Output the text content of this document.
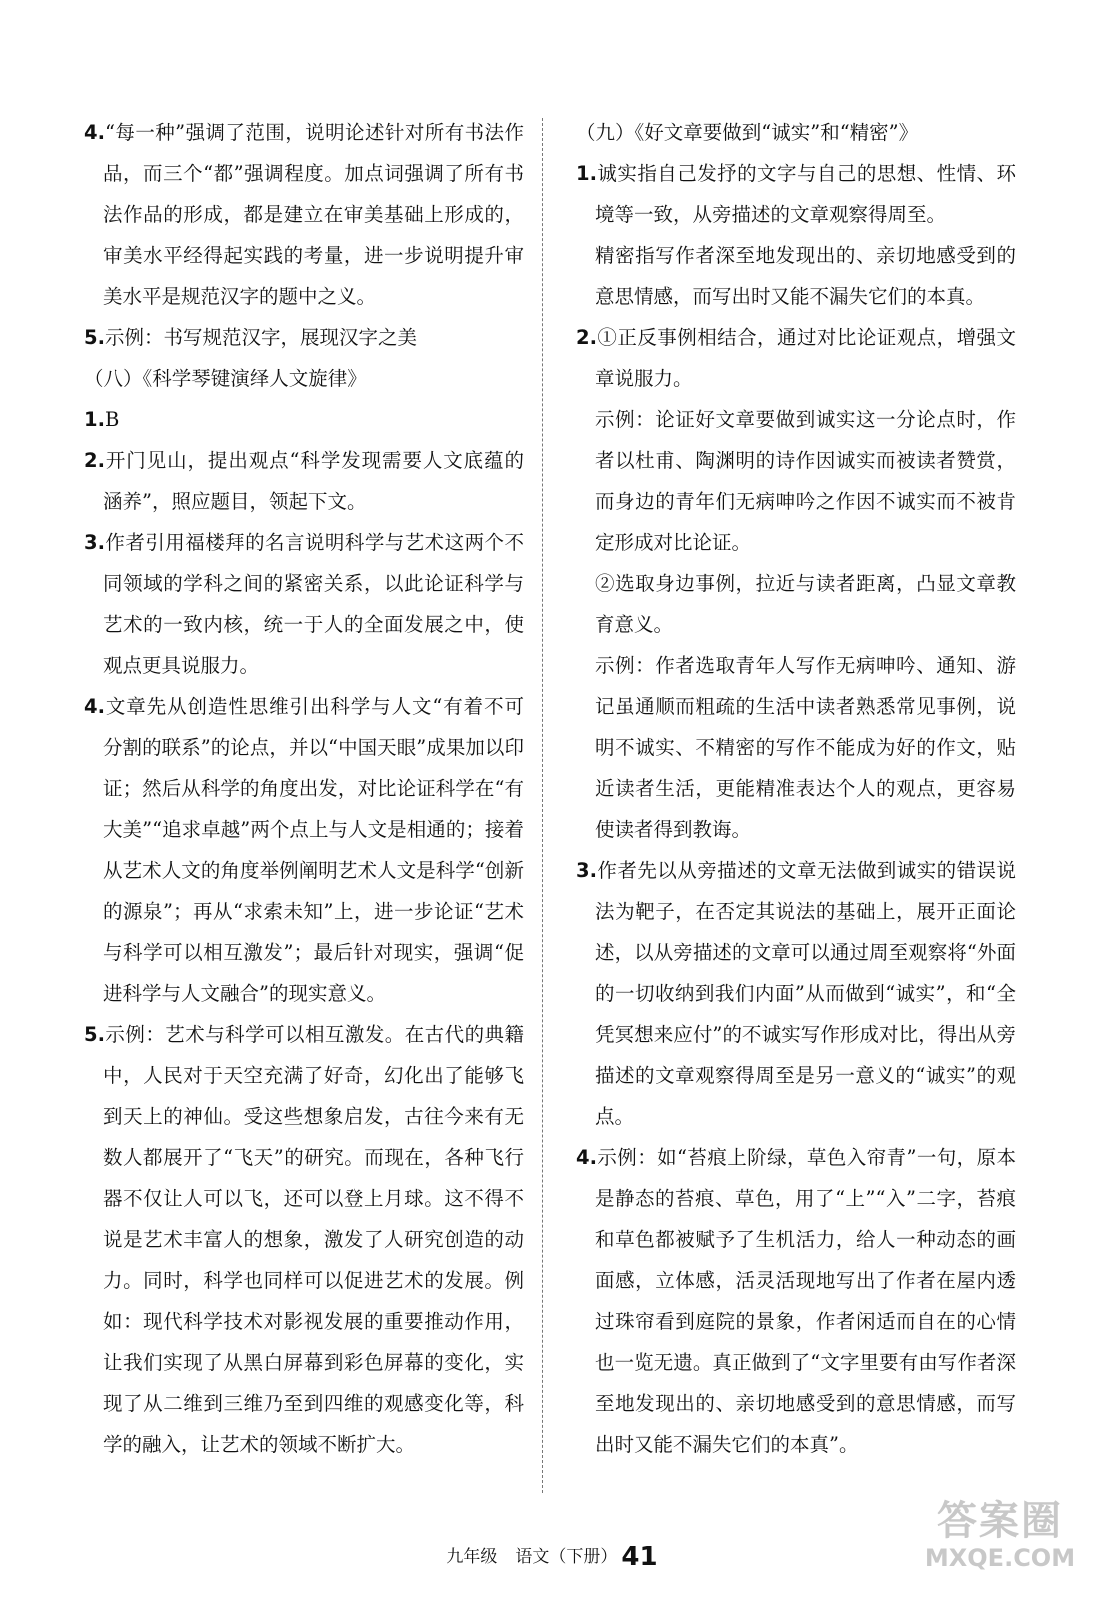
4.“每一种”强调了范围，说明论述针对所有书法作品，而三个“都”强调程度。加点词强调了所有书法作品的形成，都是建立在审美基础上形成的，审美水平经得起实践的考量，进一步说明提升审美水平是规范汉字的题中之义。

5.示例：书写规范汉字，展现汉字之美

（八）《科学琴键演绎人文旋律》

1.B

2.开门见山，提出观点“科学发现需要人文底蕴的涵养”，照应题目，领起下文。

3.作者引用福楼拜的名言说明科学与艺术这两个不同领域的学科之间的紧密关系，以此论证科学与艺术的一致内核，统一于人的全面发展之中，使观点更具说服力。

4.文章先从创造性思维引出科学与人文“有着不可分割的联系”的论点，并以“中国天眼”成果加以印证；然后从科学的角度出发，对比论证科学在“有大美”“追求卓越”两个点上与人文是相通的；接着从艺术人文的角度举例阐明艺术人文是科学“创新的源泉”；再从“求索未知”上，进一步论证“艺术与科学可以相互激发”；最后针对现实，强调“促进科学与人文融合”的现实意义。

5.示例：艺术与科学可以相互激发。在古代的典籍中，人民对于天空充满了好奇，幻化出了能够飞到天上的神仙。受这些想象启发，古往今来有无数人都展开了“飞天”的研究。而现在，各种飞行器不仅让人可以飞，还可以登上月球。这不得不说是艺术丰富人的想象，激发了人研究创造的动力。同时，科学也同样可以促进艺术的发展。例如：现代科学技术对影视发展的重要推动作用，让我们实现了从黑白屏幕到彩色屏幕的变化，实现了从二维到三维乃至到四维的观感变化等，科学的融入，让艺术的领域不断扩大。

（九）《好文章要做到“诚实”和“精密”》

1.诚实指自己发抒的文字与自己的思想、性情、环境等一致，从旁描述的文章观察得周至。

精密指写作者深至地发现出的、亲切地感受到的意思情感，而写出时又能不漏失它们的本真。

2.①正反事例相结合，通过对比论证观点，增强文章说服力。

示例：论证好文章要做到诚实这一分论点时，作者以杜甫、陶渊明的诗作因诚实而被读者赞赏，而身边的青年们无病呻吟之作因不诚实而不被肯定形成对比论证。

②选取身边事例，拉近与读者距离，凸显文章教育意义。

示例：作者选取青年人写作无病呻吟、通知、游记虽通顺而粗疏的生活中读者熟悉常见事例，说明不诚实、不精密的写作不能成为好的作文，贴近读者生活，更能精准表达个人的观点，更容易使读者得到教诲。

3.作者先以从旁描述的文章无法做到诚实的错误说法为靶子，在否定其说法的基础上，展开正面论述，以从旁描述的文章可以通过周至观察将“外面的一切收纳到我们内面”从而做到“诚实”，和“全凭冥想来应付”的不诚实写作形成对比，得出从旁描述的文章观察得周至是另一意义的“诚实”的观点。

4.示例：如“苔痕上阶绿，草色入帘青”一句，原本是静态的苔痕、草色，用了“上”“入”二字，苔痕和草色都被赋予了生机活力，给人一种动态的画面感，立体感，活灵活现地写出了作者在屋内透过珠帘看到庭院的景象，作者闲适而自在的心情也一览无遗。真正做到了“文字里要有由写作者深至地发现出的、亲切地感受到的意思情感，而写出时又能不漏失它们的本真”。

九年级 语文（下册） 41
答案圈
MXQE.COM
